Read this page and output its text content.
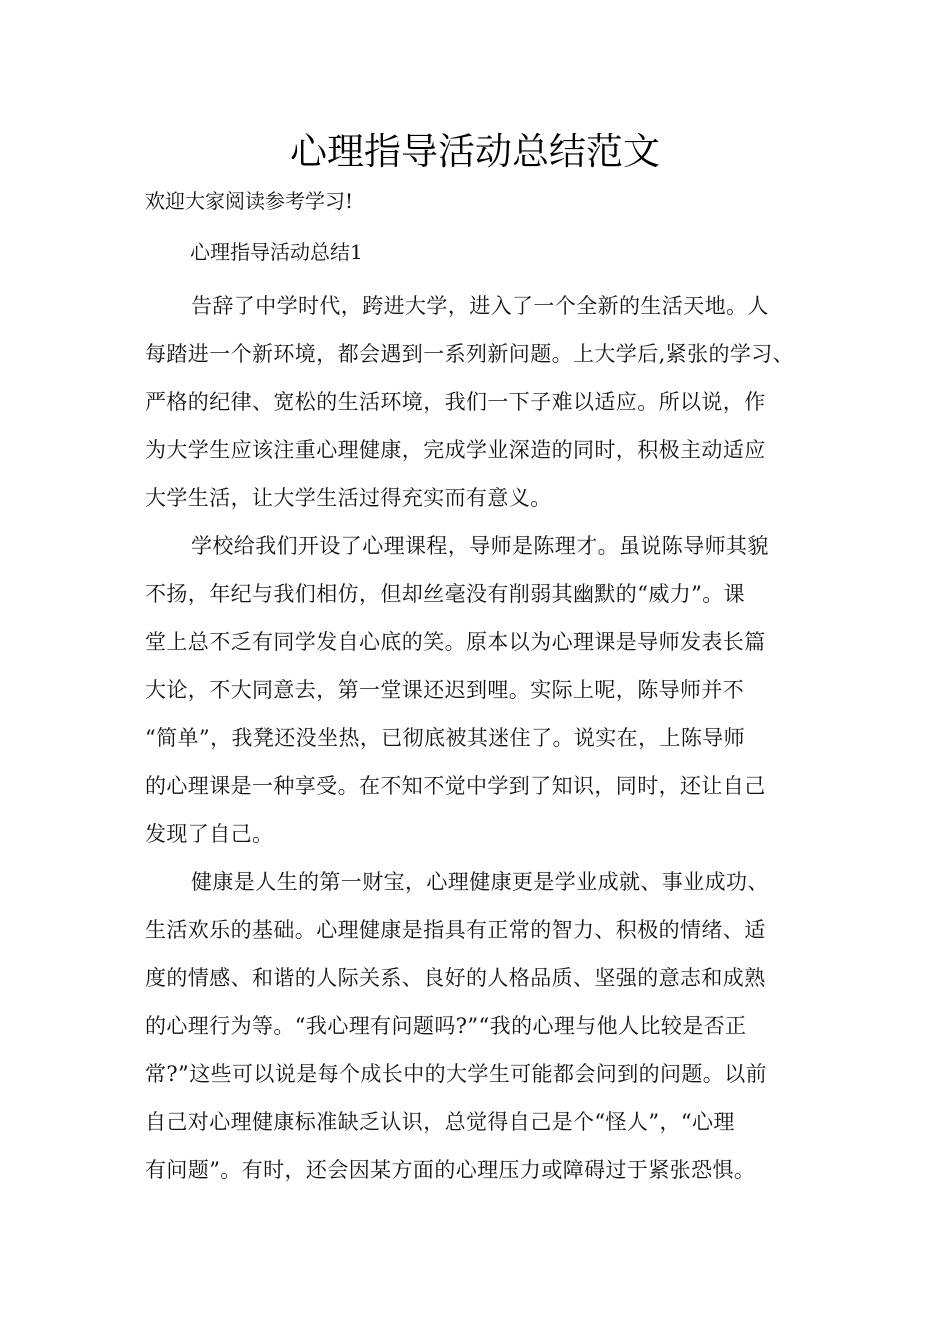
心理指导活动总结范文

欢迎大家阅读参考学习!

心理指导活动总结1

告辞了中学时代，跨进大学，进入了一个全新的生活天地。人
每踏进一个新环境，都会遇到一系列新问题。上大学后,紧张的学习、
严格的纪律、宽松的生活环境，我们一下子难以适应。所以说，作
为大学生应该注重心理健康，完成学业深造的同时，积极主动适应
大学生活，让大学生活过得充实而有意义。

学校给我们开设了心理课程，导师是陈理才。虽说陈导师其貌
不扬，年纪与我们相仿，但却丝毫没有削弱其幽默的“威力”。课
堂上总不乏有同学发自心底的笑。原本以为心理课是导师发表长篇
大论，不大同意去，第一堂课还迟到哩。实际上呢，陈导师并不
“简单”，我凳还没坐热，已彻底被其迷住了。说实在，上陈导师
的心理课是一种享受。在不知不觉中学到了知识，同时，还让自己
发现了自己。

健康是人生的第一财宝，心理健康更是学业成就、事业成功、
生活欢乐的基础。心理健康是指具有正常的智力、积极的情绪、适
度的情感、和谐的人际关系、良好的人格品质、坚强的意志和成熟
的心理行为等。“我心理有问题吗?”“我的心理与他人比较是否正
常?”这些可以说是每个成长中的大学生可能都会问到的问题。以前
自己对心理健康标准缺乏认识，总觉得自己是个“怪人”，“心理
有问题”。有时，还会因某方面的心理压力或障碍过于紧张恐惧。
